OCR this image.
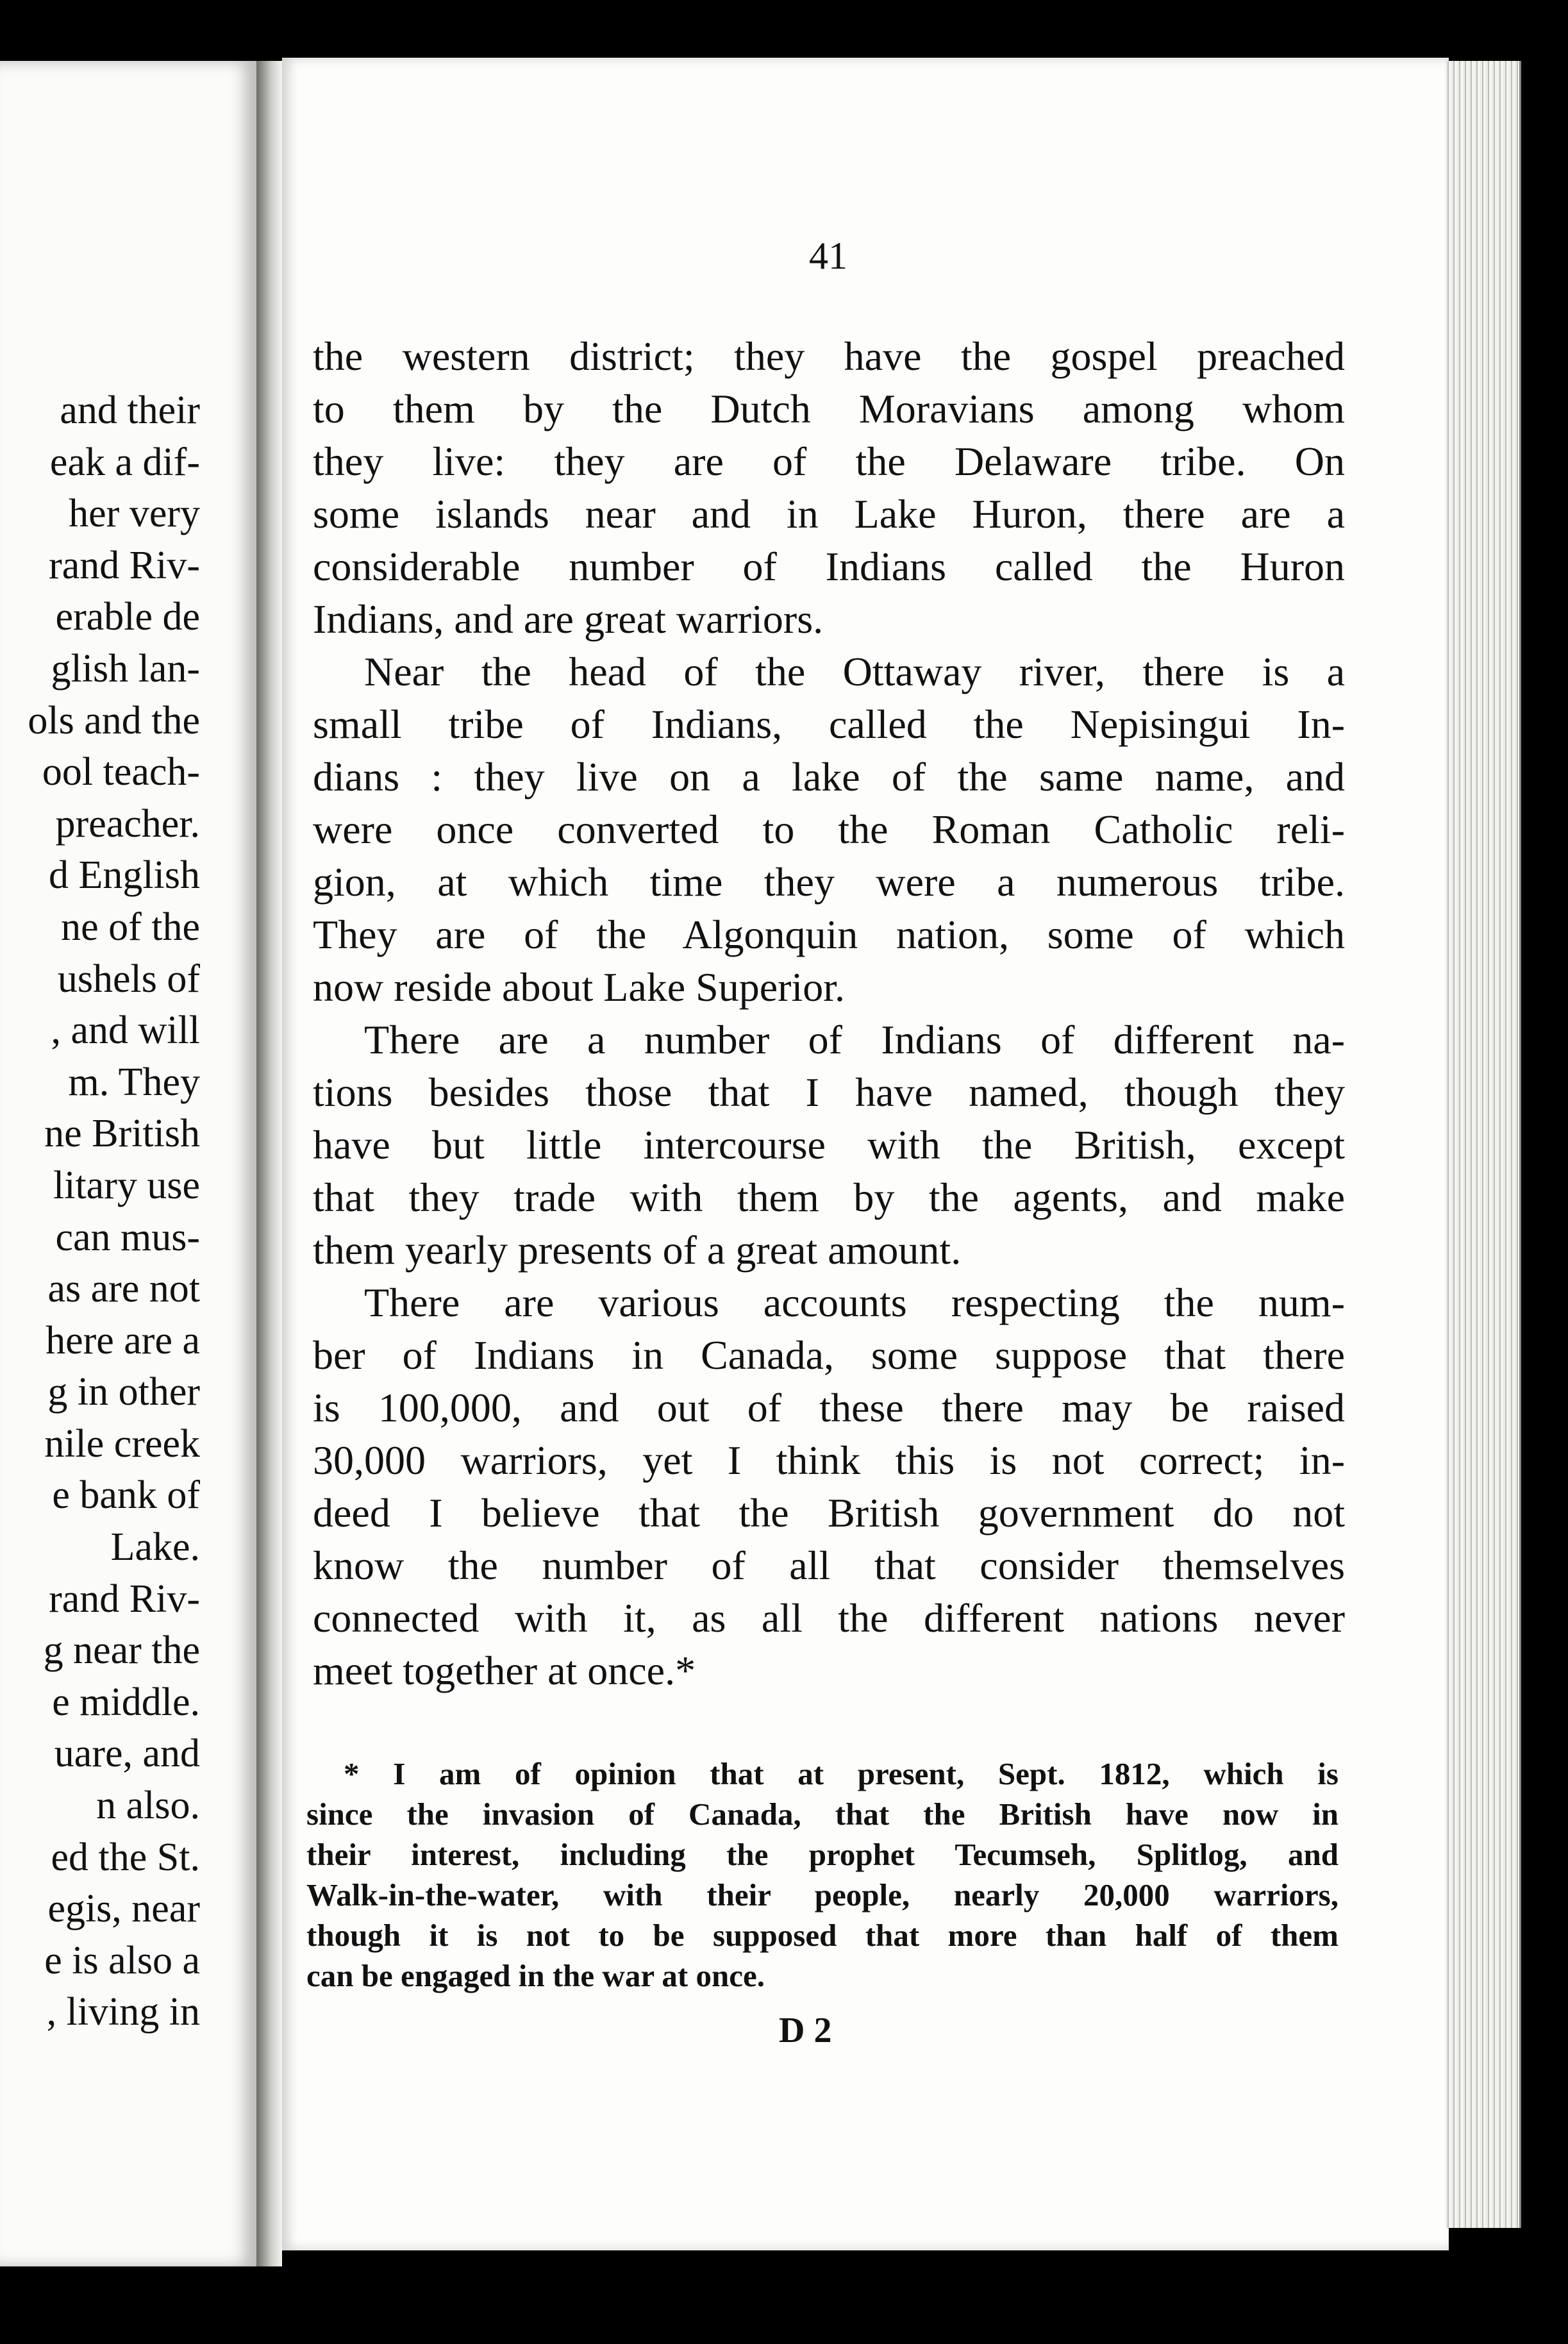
and their
eak a dif-
her very
rand Riv-
erable de
glish lan-
ols and the
ool teach-
preacher.
d English
ne of the
ushels of
, and will
m. They
ne British
litary use
can mus-
as are not
here are a
g in other
nile creek
e bank of
Lake.
rand Riv-
g near the
e middle.
uare, and
n also.
ed the St.
egis, near
e is also a
, living in
41
the western district; they have the gospel preached
to them by the Dutch Moravians among whom
they live: they are of the Delaware tribe. On
some islands near and in Lake Huron, there are a
considerable number of Indians called the Huron
Indians, and are great warriors.
Near the head of the Ottaway river, there is a
small tribe of Indians, called the Nepisingui In-
dians : they live on a lake of the same name, and
were once converted to the Roman Catholic reli-
gion, at which time they were a numerous tribe.
They are of the Algonquin nation, some of which
now reside about Lake Superior.
There are a number of Indians of different na-
tions besides those that I have named, though they
have but little intercourse with the British, except
that they trade with them by the agents, and make
them yearly presents of a great amount.
There are various accounts respecting the num-
ber of Indians in Canada, some suppose that there
is 100,000, and out of these there may be raised
30,000 warriors, yet I think this is not correct; in-
deed I believe that the British government do not
know the number of all that consider themselves
connected with it, as all the different nations never
meet together at once.*
* I am of opinion that at present, Sept. 1812, which is
since the invasion of Canada, that the British have now in
their interest, including the prophet Tecumseh, Splitlog, and
Walk-in-the-water, with their people, nearly 20,000 warriors,
though it is not to be supposed that more than half of them
can be engaged in the war at once.
D 2
